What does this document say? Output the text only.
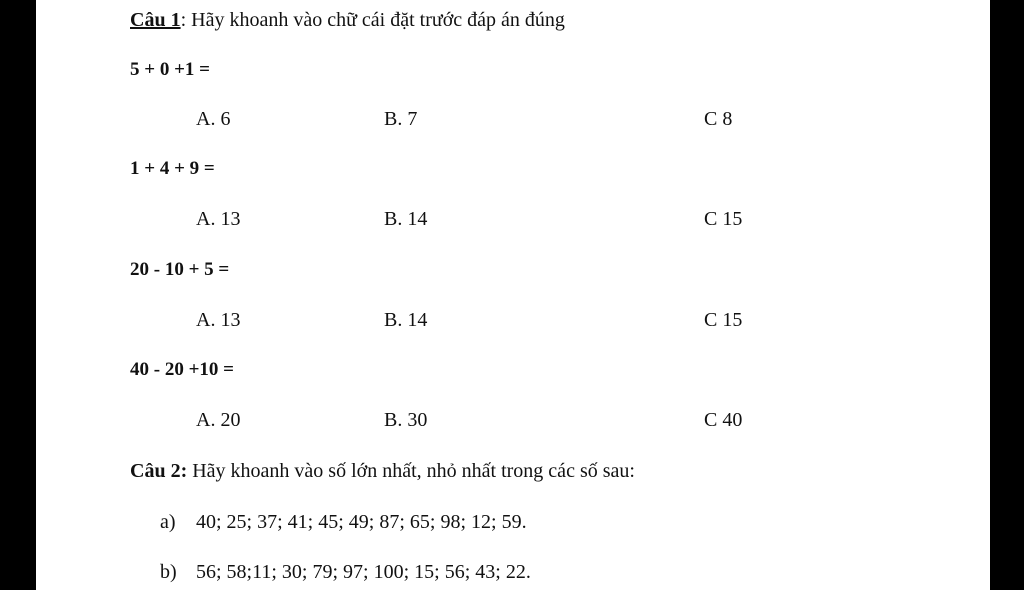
Câu 1: Hãy khoanh vào chữ cái đặt trước đáp án đúng
5 + 0 +1 =
A. 6	B. 7	C 8
1 + 4 + 9 =
A. 13	B. 14	C 15
20 - 10 + 5 =
A. 13	B. 14	C 15
40 - 20 +10 =
A. 20	B. 30	C 40
Câu 2: Hãy khoanh vào số lớn nhất, nhỏ nhất trong các số sau:
a) 40; 25; 37; 41; 45; 49; 87; 65; 98; 12; 59.
b) 56; 58;11; 30; 79; 97; 100; 15; 56; 43; 22.
